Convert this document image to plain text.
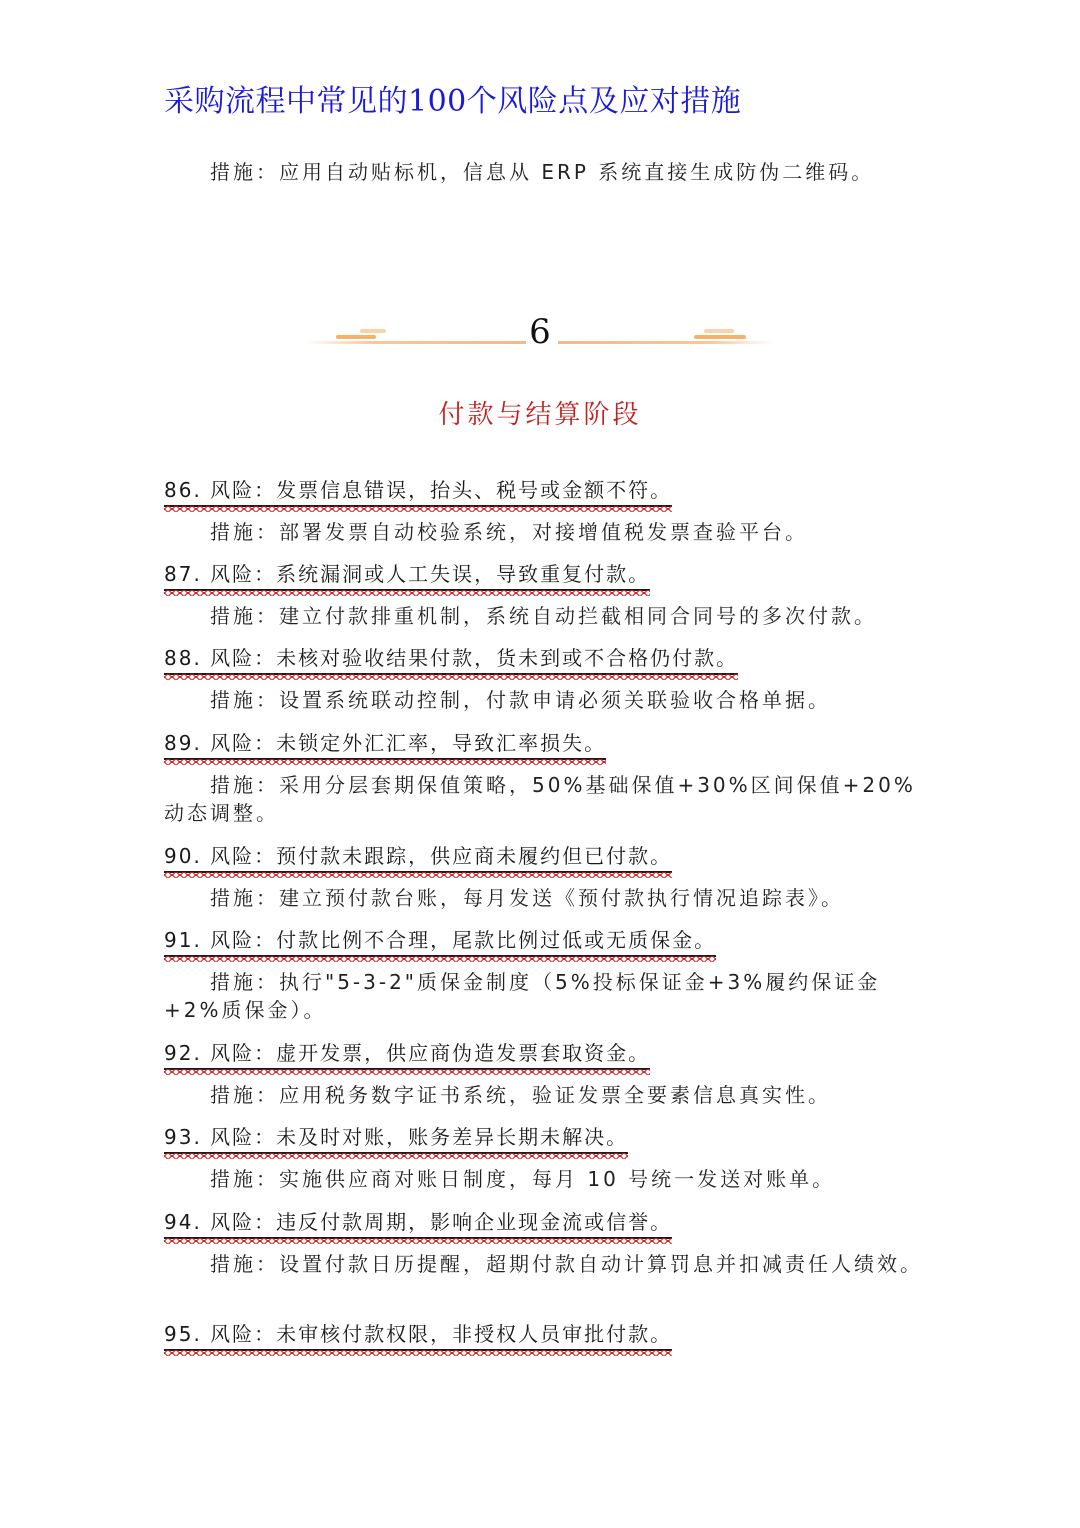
采购流程中常见的100个风险点及应对措施
措施：应用自动贴标机，信息从 ERP 系统直接生成防伪二维码。
6
付款与结算阶段
86. 风险：发票信息错误，抬头、税号或金额不符。
措施：部署发票自动校验系统，对接增值税发票查验平台。
87. 风险：系统漏洞或人工失误，导致重复付款。
措施：建立付款排重机制，系统自动拦截相同合同号的多次付款。
88. 风险：未核对验收结果付款，货未到或不合格仍付款。
措施：设置系统联动控制，付款申请必须关联验收合格单据。
89. 风险：未锁定外汇汇率，导致汇率损失。
措施：采用分层套期保值策略，50%基础保值+30%区间保值+20%动态调整。
90. 风险：预付款未跟踪，供应商未履约但已付款。
措施：建立预付款台账，每月发送《预付款执行情况追踪表》。
91. 风险：付款比例不合理，尾款比例过低或无质保金。
措施：执行"5-3-2"质保金制度（5%投标保证金+3%履约保证金+2%质保金）。
92. 风险：虚开发票，供应商伪造发票套取资金。
措施：应用税务数字证书系统，验证发票全要素信息真实性。
93. 风险：未及时对账，账务差异长期未解决。
措施：实施供应商对账日制度，每月 10 号统一发送对账单。
94. 风险：违反付款周期，影响企业现金流或信誉。
措施：设置付款日历提醒，超期付款自动计算罚息并扣减责任人绩效。
95. 风险：未审核付款权限，非授权人员审批付款。
